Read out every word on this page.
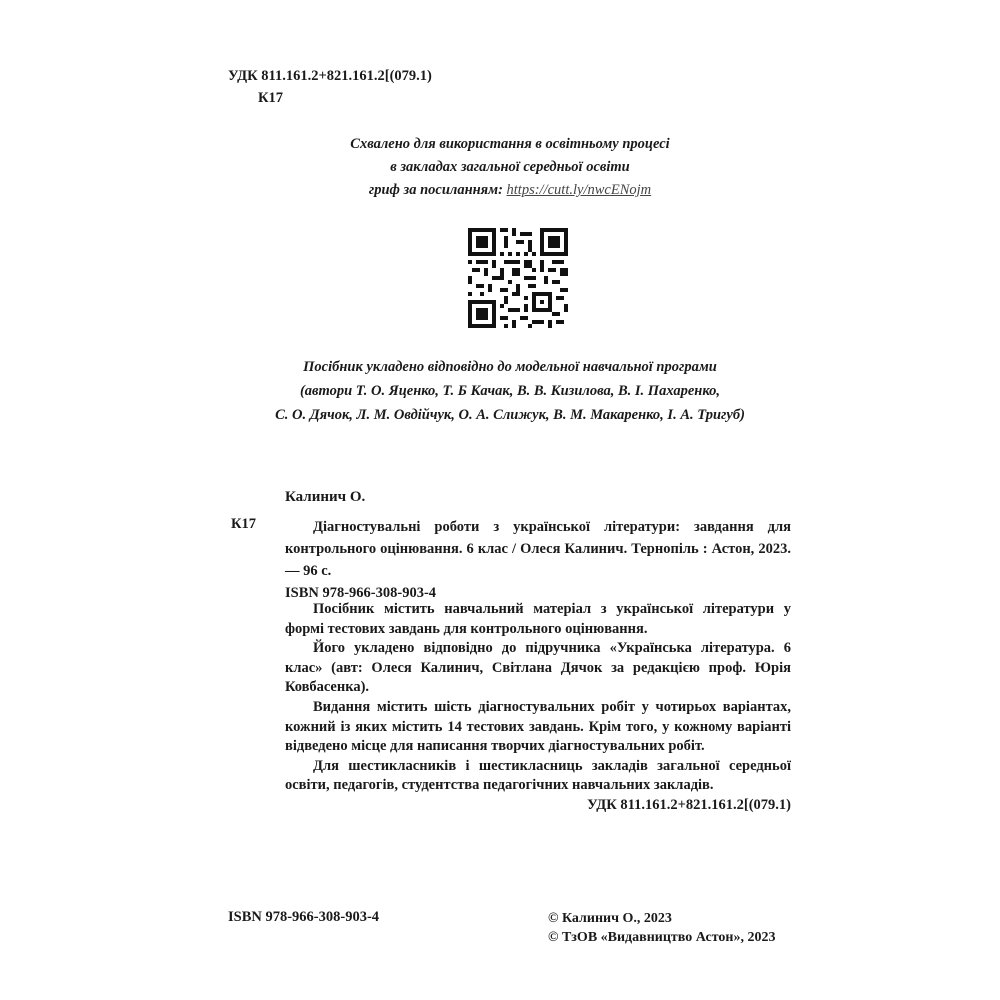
УДК 811.161.2+821.161.2[(079.1)
К17
Схвалено для використання в освітньому процесі
в закладах загальної середньої освіти
гриф за посиланням: https://cutt.ly/nwcENojm
Посібник укладено відповідно до модельної навчальної програми
(автори Т. О. Яценко, Т. Б Качак, В. В. Кизилова, В. І. Пахаренко,
С. О. Дячок, Л. М. Овдійчук, О. А. Слижук, В. М. Макаренко, І. А. Тригуб)
Калинич О.
К17	Діагностувальні роботи з української літератури: завдання для контрольного оцінювання. 6 клас / Олеся Калинич. Тернопіль : Астон, 2023. — 96 с.
ISBN 978-966-308-903-4

Посібник містить навчальний матеріал з української літератури у формі тестових завдань для контрольного оцінювання.

Його укладено відповідно до підручника «Українська література. 6 клас» (авт: Олеся Калинич, Світлана Дячок за редакцією проф. Юрія Ковбасенка).

Видання містить шість діагностувальних робіт у чотирьох варіантах, кожний із яких містить 14 тестових завдань. Крім того, у кожному варіанті відведено місце для написання творчих діагностувальних робіт.

Для шестикласників і шестикласниць закладів загальної середньої освіти, педагогів, студентства педагогічних навчальних закладів.

УДК 811.161.2+821.161.2[(079.1)
ISBN 978-966-308-903-4	© Калинич О., 2023
© ТзОВ «Видавництво Астон», 2023
